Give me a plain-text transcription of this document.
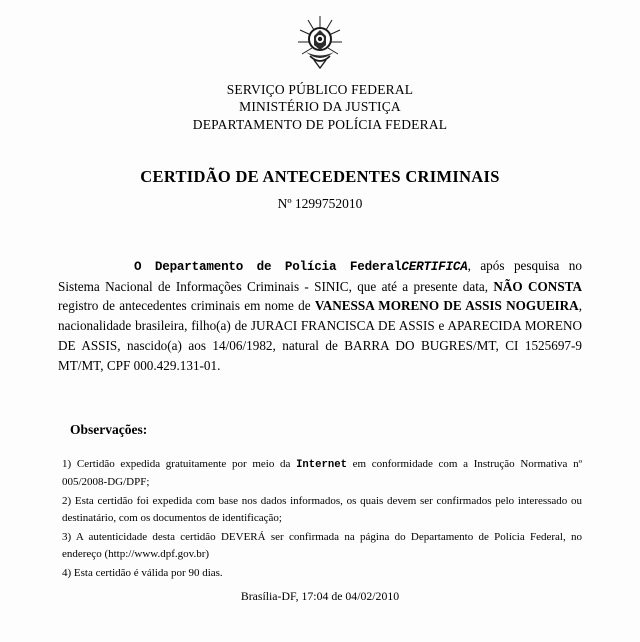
SERVIÇO PÚBLICO FEDERAL
MINISTÉRIO DA JUSTIÇA
DEPARTAMENTO DE POLÍCIA FEDERAL
CERTIDÃO DE ANTECEDENTES CRIMINAIS
Nº 1299752010
O Departamento de Polícia FederalCERTIFICA, após pesquisa no Sistema Nacional de Informações Criminais - SINIC, que até a presente data, NÃO CONSTA registro de antecedentes criminais em nome de VANESSA MORENO DE ASSIS NOGUEIRA, nacionalidade brasileira, filho(a) de JURACI FRANCISCA DE ASSIS e APARECIDA MORENO DE ASSIS, nascido(a) aos 14/06/1982, natural de BARRA DO BUGRES/MT, CI 1525697-9 MT/MT, CPF 000.429.131-01.
Observações:

1) Certidão expedida gratuitamente por meio da Internet em conformidade com a Instrução Normativa nº 005/2008-DG/DPF;

2) Esta certidão foi expedida com base nos dados informados, os quais devem ser confirmados pelo interessado ou destinatário, com os documentos de identificação;

3) A autenticidade desta certidão DEVERÁ ser confirmada na página do Departamento de Polícia Federal, no endereço (http://www.dpf.gov.br)

4) Esta certidão é válida por 90 dias.

Brasília-DF, 17:04 de 04/02/2010
